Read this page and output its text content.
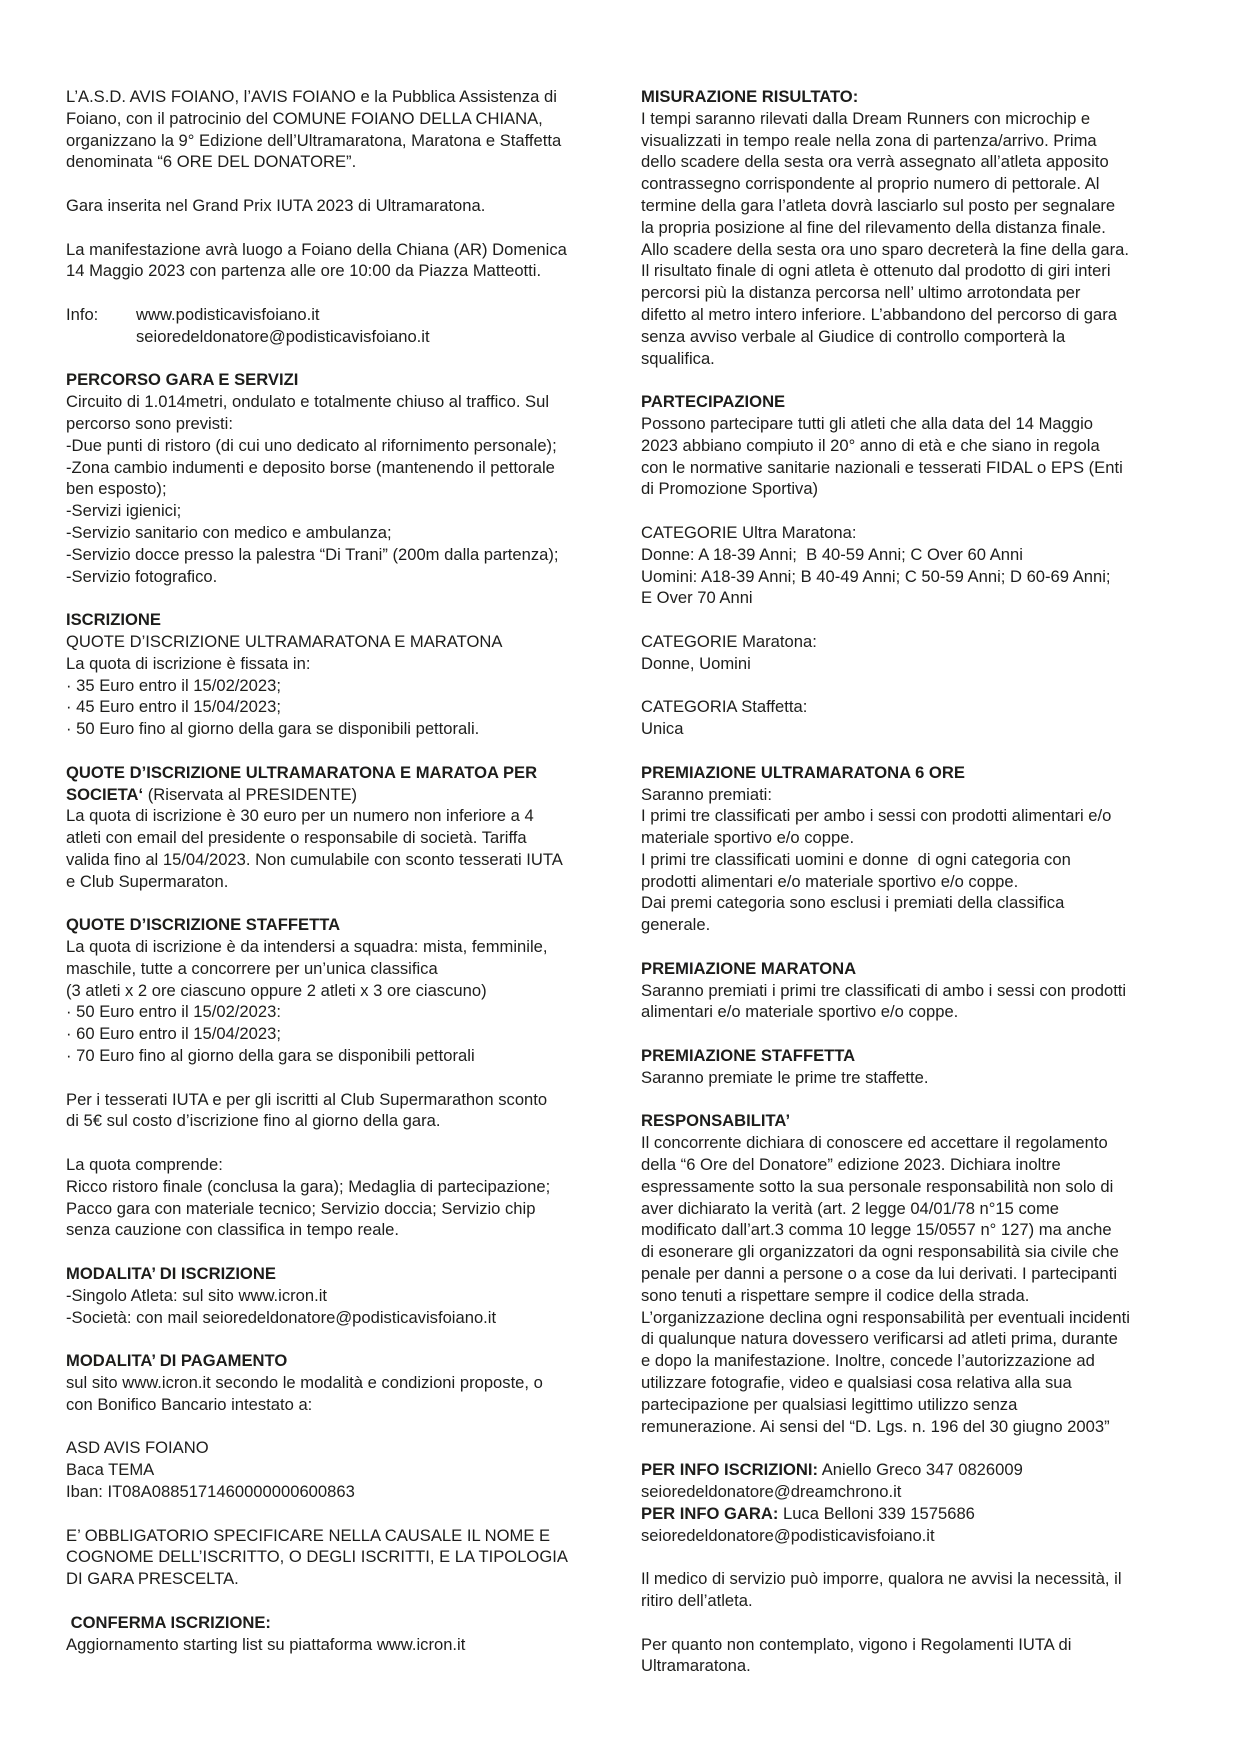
L’A.S.D. AVIS FOIANO, l’AVIS FOIANO e la Pubblica Assistenza di
Foiano, con il patrocinio del COMUNE FOIANO DELLA CHIANA,
organizzano la 9° Edizione dell’Ultramaratona, Maratona e Staffetta
denominata “6 ORE DEL DONATORE”.
Gara inserita nel Grand Prix IUTA 2023 di Ultramaratona.
La manifestazione avrà luogo a Foiano della Chiana (AR) Domenica
14 Maggio 2023 con partenza alle ore 10:00 da Piazza Matteotti.
Info:	www.podisticavisfoiano.it
seioredeldonatore@podisticavisfoiano.it
PERCORSO GARA E SERVIZI
Circuito di 1.014metri, ondulato e totalmente chiuso al traffico. Sul
percorso sono previsti:
-Due punti di ristoro (di cui uno dedicato al rifornimento personale);
-Zona cambio indumenti e deposito borse (mantenendo il pettorale
ben esposto);
-Servizi igienici;
-Servizio sanitario con medico e ambulanza;
-Servizio docce presso la palestra “Di Trani” (200m dalla partenza);
-Servizio fotografico.
ISCRIZIONE
QUOTE D’ISCRIZIONE ULTRAMARATONA E MARATONA
La quota di iscrizione è fissata in:
· 35 Euro entro il 15/02/2023;
· 45 Euro entro il 15/04/2023;
· 50 Euro fino al giorno della gara se disponibili pettorali.
QUOTE D’ISCRIZIONE ULTRAMARATONA E MARATOA PER
SOCIETA‘ (Riservata al PRESIDENTE)
La quota di iscrizione è 30 euro per un numero non inferiore a 4
atleti con email del presidente o responsabile di società. Tariffa
valida fino al 15/04/2023. Non cumulabile con sconto tesserati IUTA
e Club Supermaraton.
QUOTE D’ISCRIZIONE STAFFETTA
La quota di iscrizione è da intendersi a squadra: mista, femminile,
maschile, tutte a concorrere per un’unica classifica
(3 atleti x 2 ore ciascuno oppure 2 atleti x 3 ore ciascuno)
· 50 Euro entro il 15/02/2023:
· 60 Euro entro il 15/04/2023;
· 70 Euro fino al giorno della gara se disponibili pettorali
Per i tesserati IUTA e per gli iscritti al Club Supermarathon sconto
di 5€ sul costo d’iscrizione fino al giorno della gara.
La quota comprende:
Ricco ristoro finale (conclusa la gara); Medaglia di partecipazione;
Pacco gara con materiale tecnico; Servizio doccia; Servizio chip
senza cauzione con classifica in tempo reale.
MODALITA’ DI ISCRIZIONE
-Singolo Atleta: sul sito www.icron.it
-Società: con mail seioredeldonatore@podisticavisfoiano.it
MODALITA’ DI PAGAMENTO
sul sito www.icron.it secondo le modalità e condizioni proposte, o
con Bonifico Bancario intestato a:
ASD AVIS FOIANO
Baca TEMA
Iban: IT08A0885171460000000600863
E’ OBBLIGATORIO SPECIFICARE NELLA CAUSALE IL NOME E
COGNOME DELL’ISCRITTO, O DEGLI ISCRITTI, E LA TIPOLOGIA
DI GARA PRESCELTA.
CONFERMA ISCRIZIONE:
Aggiornamento starting list su piattaforma www.icron.it
MISURAZIONE RISULTATO:
I tempi saranno rilevati dalla Dream Runners con microchip e
visualizzati in tempo reale nella zona di partenza/arrivo. Prima
dello scadere della sesta ora verrà assegnato all’atleta apposito
contrassegno corrispondente al proprio numero di pettorale. Al
termine della gara l’atleta dovrà lasciarlo sul posto per segnalare
la propria posizione al fine del rilevamento della distanza finale.
Allo scadere della sesta ora uno sparo decreterà la fine della gara.
Il risultato finale di ogni atleta è ottenuto dal prodotto di giri interi
percorsi più la distanza percorsa nell’ ultimo arrotondata per
difetto al metro intero inferiore. L’abbandono del percorso di gara
senza avviso verbale al Giudice di controllo comporterà la
squalifica.
PARTECIPAZIONE
Possono partecipare tutti gli atleti che alla data del 14 Maggio
2023 abbiano compiuto il 20° anno di età e che siano in regola
con le normative sanitarie nazionali e tesserati FIDAL o EPS (Enti
di Promozione Sportiva)
CATEGORIE Ultra Maratona:
Donne: A 18-39 Anni;  B 40-59 Anni; C Over 60 Anni
Uomini: A18-39 Anni; B 40-49 Anni; C 50-59 Anni; D 60-69 Anni;
E Over 70 Anni
CATEGORIE Maratona:
Donne, Uomini
CATEGORIA Staffetta:
Unica
PREMIAZIONE ULTRAMARATONA 6 ORE
Saranno premiati:
I primi tre classificati per ambo i sessi con prodotti alimentari e/o
materiale sportivo e/o coppe.
I primi tre classificati uomini e donne  di ogni categoria con
prodotti alimentari e/o materiale sportivo e/o coppe.
Dai premi categoria sono esclusi i premiati della classifica
generale.
PREMIAZIONE MARATONA
Saranno premiati i primi tre classificati di ambo i sessi con prodotti
alimentari e/o materiale sportivo e/o coppe.
PREMIAZIONE STAFFETTA
Saranno premiate le prime tre staffette.
RESPONSABILITA’
Il concorrente dichiara di conoscere ed accettare il regolamento
della “6 Ore del Donatore” edizione 2023. Dichiara inoltre
espressamente sotto la sua personale responsabilità non solo di
aver dichiarato la verità (art. 2 legge 04/01/78 n°15 come
modificato dall’art.3 comma 10 legge 15/0557 n° 127) ma anche
di esonerare gli organizzatori da ogni responsabilità sia civile che
penale per danni a persone o a cose da lui derivati. I partecipanti
sono tenuti a rispettare sempre il codice della strada.
L’organizzazione declina ogni responsabilità per eventuali incidenti
di qualunque natura dovessero verificarsi ad atleti prima, durante
e dopo la manifestazione. Inoltre, concede l’autorizzazione ad
utilizzare fotografie, video e qualsiasi cosa relativa alla sua
partecipazione per qualsiasi legittimo utilizzo senza
remunerazione. Ai sensi del “D. Lgs. n. 196 del 30 giugno 2003”
PER INFO ISCRIZIONI: Aniello Greco 347 0826009
seioredeldonatore@dreamchrono.it
PER INFO GARA: Luca Belloni 339 1575686
seioredeldonatore@podisticavisfoiano.it
Il medico di servizio può imporre, qualora ne avvisi la necessità, il
ritiro dell’atleta.
Per quanto non contemplato, vigono i Regolamenti IUTA di
Ultramaratona.
